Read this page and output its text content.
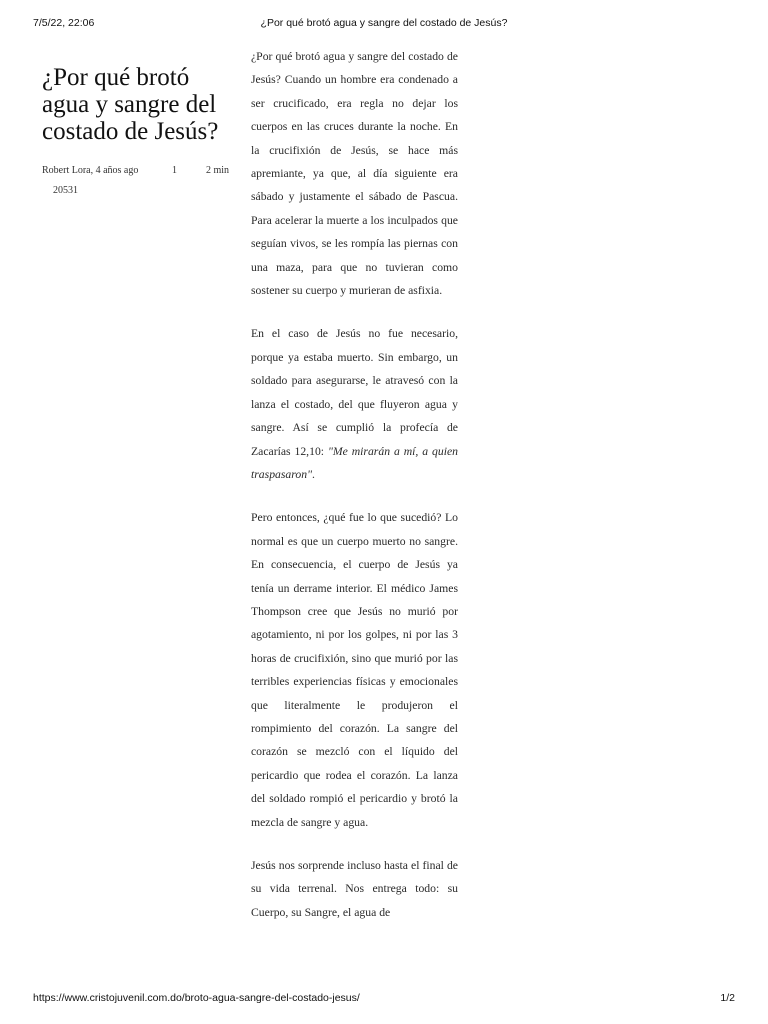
7/5/22, 22:06	¿Por qué brotó agua y sangre del costado de Jesús?
¿Por qué brotó agua y sangre del costado de Jesús?
Robert Lora, 4 años ago	1	2 min
20531

¿Por qué brotó agua y sangre del costado de Jesús? Cuando un hombre era condenado a ser crucificado, era regla no dejar los cuerpos en las cruces durante la noche. En la crucifixión de Jesús, se hace más apremiante, ya que, al día siguiente era sábado y justamente el sábado de Pascua. Para acelerar la muerte a los inculpados que seguían vivos, se les rompía las piernas con una maza, para que no tuvieran como sostener su cuerpo y murieran de asfixia.

En el caso de Jesús no fue necesario, porque ya estaba muerto. Sin embargo, un soldado para asegurarse, le atravesó con la lanza el costado, del que fluyeron agua y sangre. Así se cumplió la profecía de Zacarías 12,10: "Me mirarán a mí, a quien traspasaron".

Pero entonces, ¿qué fue lo que sucedió? Lo normal es que un cuerpo muerto no sangre. En consecuencia, el cuerpo de Jesús ya tenía un derrame interior. El médico James Thompson cree que Jesús no murió por agotamiento, ni por los golpes, ni por las 3 horas de crucifixión, sino que murió por las terribles experiencias físicas y emocionales que literalmente le produjeron el rompimiento del corazón. La sangre del corazón se mezcló con el líquido del pericardio que rodea el corazón. La lanza del soldado rompió el pericardio y brotó la mezcla de sangre y agua.

Jesús nos sorprende incluso hasta el final de su vida terrenal. Nos entrega todo: su Cuerpo, su Sangre, el agua de

https://www.cristojuvenil.com.do/broto-agua-sangre-del-costado-jesus/	1/2
